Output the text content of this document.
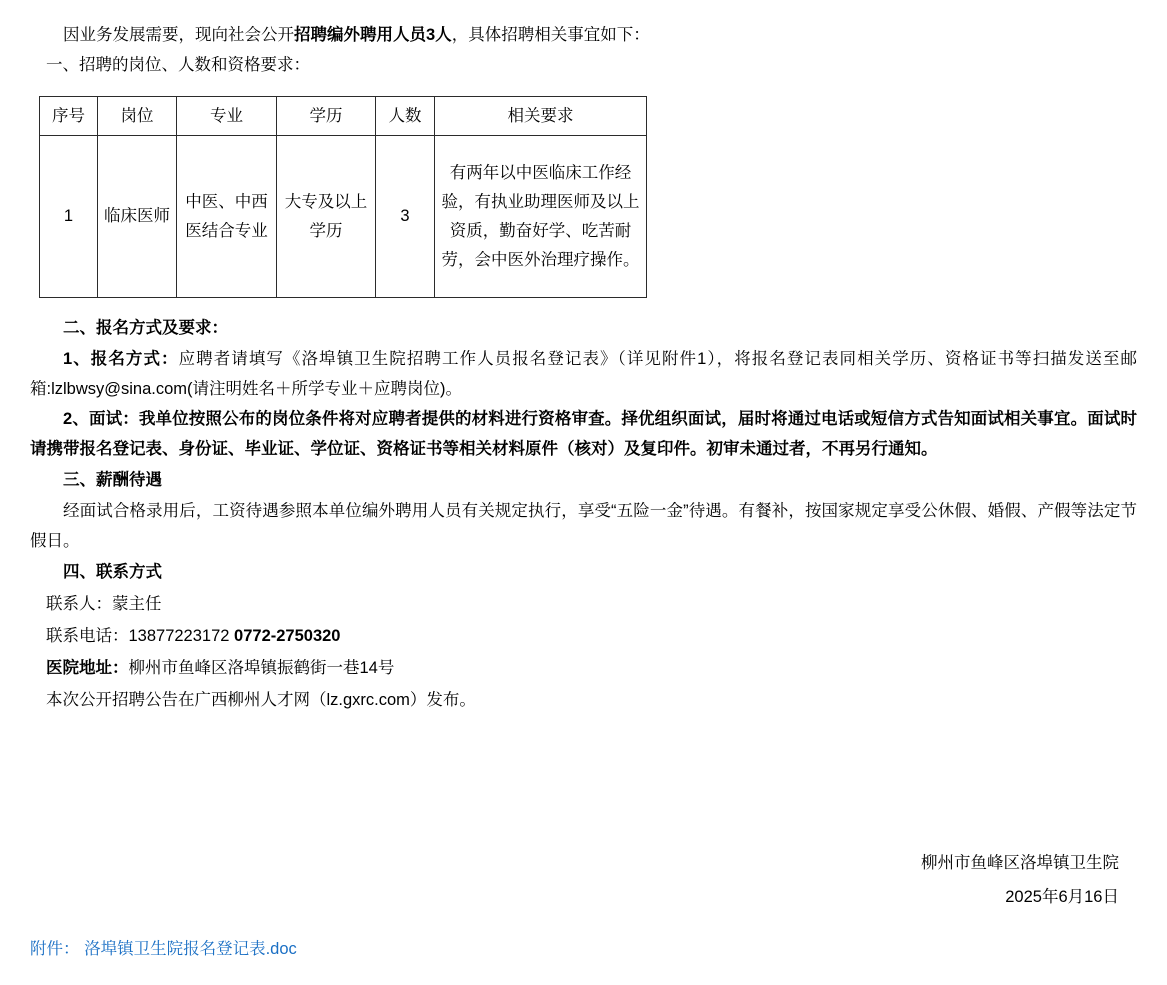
因业务发展需要，现向社会公开招聘编外聘用人员3人，具体招聘相关事宜如下：

一、招聘的岗位、人数和资格要求：

序号	岗位	专业	学历	人数	相关要求
1	临床医师	中医、中西医结合专业	大专及以上学历	3	有两年以中医临床工作经验，有执业助理医师及以上资质，勤奋好学、吃苦耐劳，会中医外治理疗操作。

二、报名方式及要求：

1、报名方式：应聘者请填写《洛埠镇卫生院招聘工作人员报名登记表》（详见附件1），将报名登记表同相关学历、资格证书等扫描发送至邮箱:lzlbwsy@sina.com(请注明姓名＋所学专业＋应聘岗位)。

2、面试：我单位按照公布的岗位条件将对应聘者提供的材料进行资格审查。择优组织面试，届时将通过电话或短信方式告知面试相关事宜。面试时请携带报名登记表、身份证、毕业证、学位证、资格证书等相关材料原件（核对）及复印件。初审未通过者，不再另行通知。

三、薪酬待遇

经面试合格录用后，工资待遇参照本单位编外聘用人员有关规定执行，享受“五险一金”待遇。有餐补，按国家规定享受公休假、婚假、产假等法定节假日。

四、联系方式

联系人：蒙主任

联系电话：13877223172 0772-2750320

医院地址：柳州市鱼峰区洛埠镇振鹤街一巷14号

本次公开招聘公告在广西柳州人才网（lz.gxrc.com）发布。

柳州市鱼峰区洛埠镇卫生院
2025年6月16日
附件： 洛埠镇卫生院报名登记表.doc
